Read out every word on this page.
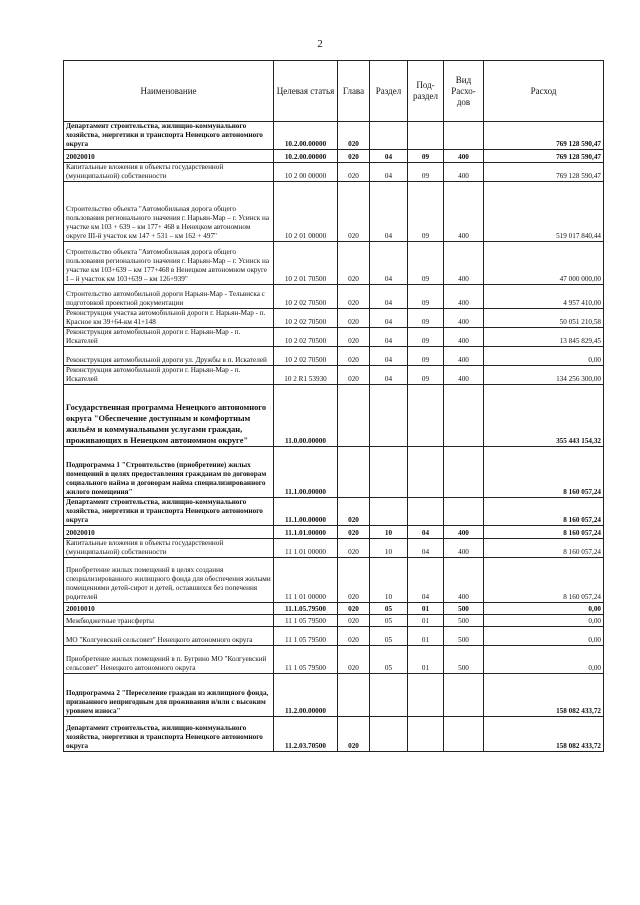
2
Наименование	Целевая статья	Глава	Раздел	Под-раздел	Вид Расхо-дов	Расход
Департамент строительства, жилищно-коммунального хозяйства, энергетики и транспорта Ненецкого автономного округа	10.2.00.00000	020				769 128 590,47
20020010	10.2.00.00000	020	04	09	400	769 128 590,47
Капитальные вложения в объекты государственной (муниципальной) собственности	10 2 00 00000	020	04	09	400	769 128 590,47
Строительство объекта "Автомобильная дорога общего пользования регионального значения г. Нарьян-Мар – г. Усинск на участке км 103 + 639 – км 177+ 468 в Ненецком автономном округе III-й участок км 147 + 531 – км 162 + 497"	10 2 01 00000	020	04	09	400	519 017 840,44
Строительство объекта "Автомобильная дорога общего пользования регионального значения г. Нарьян-Мар – г. Усинск на участке км 103+639 – км 177+468 в Ненецком автономном округе I – й участок км 103+639 – км 126+939"	10 2 01 70500	020	04	09	400	47 000 000,00
Строительство автомобильной дороги Нарьян-Мар - Тельвиска с подготовкой проектной документации	10 2 02 70500	020	04	09	400	4 957 410,00
Реконструкция участка автомобильной дороги г. Нарьян-Мар - п. Красное км 39+64-км 41+148	10 2 02 70500	020	04	09	400	50 051 210,58
Реконструкция автомобильной дороги г. Нарьян-Мар - п. Искателей	10 2 02 70500	020	04	09	400	13 845 829,45
Реконструкция автомобильной дороги ул. Дружбы в п. Искателей	10 2 02 70500	020	04	09	400	0,00
Реконструкция автомобильной дороги г. Нарьян-Мар - п. Искателей	10 2 R1 53930	020	04	09	400	134 256 300,00
Государственная программа Ненецкого автономного округа "Обеспечение доступным и комфортным жильём и коммунальными услугами граждан, проживающих в Ненецком автономном округе"	11.0.00.00000					355 443 154,32
Подпрограмма 1 "Строительство (приобретение) жилых помещений в целях предоставления гражданам по договорам социального найма и договорам найма специализированного жилого помещения"	11.1.00.00000					8 160 057,24
Департамент строительства, жилищно-коммунального хозяйства, энергетики и транспорта Ненецкого автономного округа	11.1.00.00000	020				8 160 057,24
20020010	11.1.01.00000	020	10	04	400	8 160 057,24
Капитальные вложения в объекты государственной (муниципальной) собственности	11 1 01 00000	020	10	04	400	8 160 057,24
Приобретение жилых помещений в целях создания специализированного жилищного фонда для обеспечения жилыми помещениями детей-сирот и детей, оставшихся без попечения родителей	11 1 01 00000	020	10	04	400	8 160 057,24
20010010	11.1.05.79500	020	05	01	500	0,00
Межбюджетные трансферты	11 1 05 79500	020	05	01	500	0,00
МО "Колгуевский сельсовет" Ненецкого автономного округа	11 1 05 79500	020	05	01	500	0,00
Приобретение жилых помещений в п. Бугрино МО "Колгуевский сельсовет" Ненецкого автономного округа	11 1 05 79500	020	05	01	500	0,00
Подпрограмма 2 "Переселение граждан из жилищного фонда, признанного непригодным для проживания и/или с высоким уровнем износа"	11.2.00.00000					158 082 433,72
Департамент строительства, жилищно-коммунального хозяйства, энергетики и транспорта Ненецкого автономного округа	11.2.03.70500	020				158 082 433,72
